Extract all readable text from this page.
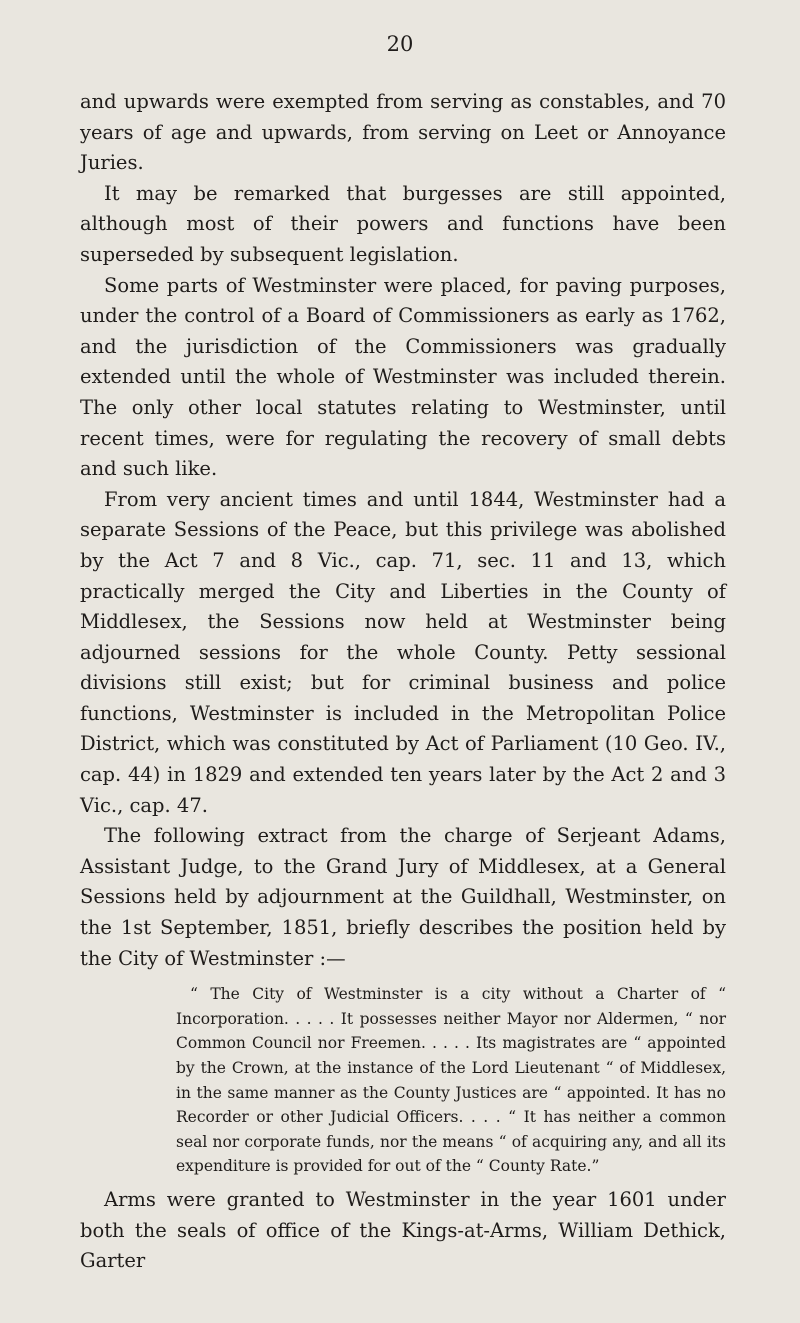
20

and upwards were exempted from serving as constables, and 70 years of age and upwards, from serving on Leet or Annoyance Juries.

It may be remarked that burgesses are still appointed, although most of their powers and functions have been superseded by subsequent legislation.

Some parts of Westminster were placed, for paving purposes, under the control of a Board of Commissioners as early as 1762, and the jurisdiction of the Commissioners was gradually extended until the whole of Westminster was included therein. The only other local statutes relating to Westminster, until recent times, were for regulating the recovery of small debts and such like.

From very ancient times and until 1844, Westminster had a separate Sessions of the Peace, but this privilege was abolished by the Act 7 and 8 Vic., cap. 71, sec. 11 and 13, which practically merged the City and Liberties in the County of Middlesex, the Sessions now held at Westminster being adjourned sessions for the whole County. Petty sessional divisions still exist; but for criminal business and police functions, Westminster is included in the Metropolitan Police District, which was constituted by Act of Parliament (10 Geo. IV., cap. 44) in 1829 and extended ten years later by the Act 2 and 3 Vic., cap. 47.

The following extract from the charge of Serjeant Adams, Assistant Judge, to the Grand Jury of Middlesex, at a General Sessions held by adjournment at the Guildhall, Westminster, on the 1st September, 1851, briefly describes the position held by the City of Westminster :—

“ The City of Westminster is a city without a Charter of “ Incorporation. . . . . It possesses neither Mayor nor Aldermen, “ nor Common Council nor Freemen. . . . . Its magistrates are “ appointed by the Crown, at the instance of the Lord Lieutenant “ of Middlesex, in the same manner as the County Justices are “ appointed. It has no Recorder or other Judicial Officers. . . . “ It has neither a common seal nor corporate funds, nor the means “ of acquiring any, and all its expenditure is provided for out of the “ County Rate.”

Arms were granted to Westminster in the year 1601 under both the seals of office of the Kings-at-Arms, William Dethick, Garter
